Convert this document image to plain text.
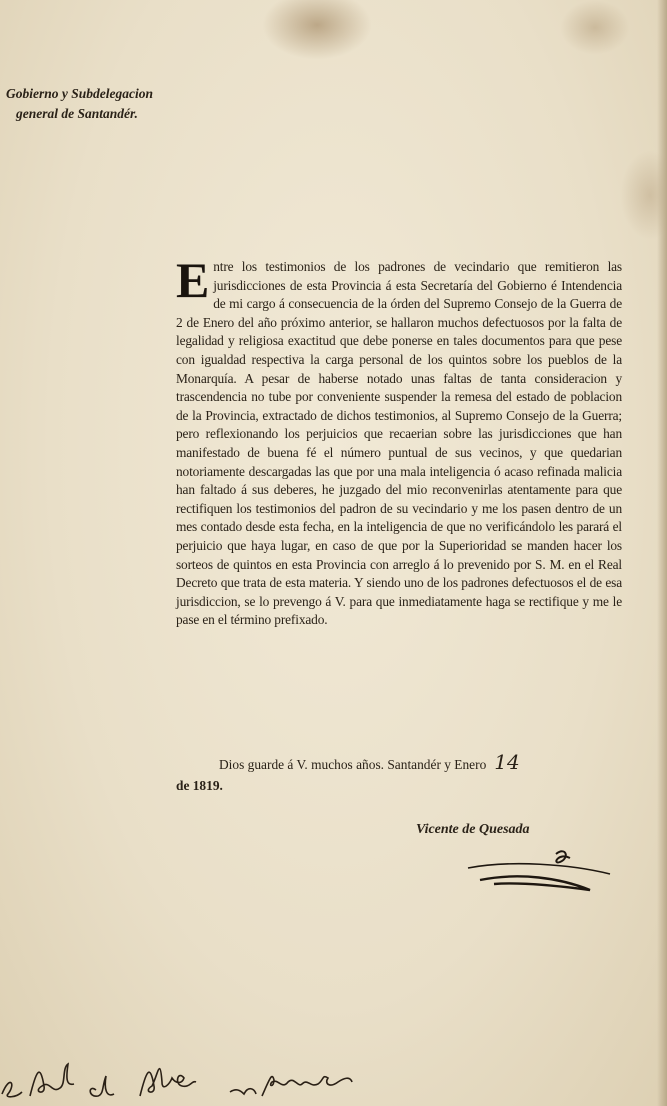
Gobierno y Subdelegacion

general de Santandér.
Entre los testimonios de los padrones de vecindario que remitieron las jurisdicciones de esta Provincia á esta Secretaría del Gobierno é Intendencia de mi cargo á consecuencia de la órden del Supremo Consejo de la Guerra de 2 de Enero del año próximo anterior, se hallaron muchos defectuosos por la falta de legalidad y religiosa exactitud que debe ponerse en tales documentos para que pese con igualdad respectiva la carga personal de los quintos sobre los pueblos de la Monarquía. A pesar de haberse notado unas faltas de tanta consideracion y trascendencia no tube por conveniente suspender la remesa del estado de poblacion de la Provincia, extractado de dichos testimonios, al Supremo Consejo de la Guerra; pero reflexionando los perjuicios que recaerian sobre las jurisdicciones que han manifestado de buena fé el número puntual de sus vecinos, y que quedarian notoriamente descargadas las que por una mala inteligencia ó acaso refinada malicia han faltado á sus deberes, he juzgado del mio reconvenirlas atentamente para que rectifiquen los testimonios del padron de su vecindario y me los pasen dentro de un mes contado desde esta fecha, en la inteligencia de que no verificándolo les parará el perjuicio que haya lugar, en caso de que por la Superioridad se manden hacer los sorteos de quintos en esta Provincia con arreglo á lo prevenido por S. M. en el Real Decreto que trata de esta materia. Y siendo uno de los padrones defectuosos el de esa jurisdiccion, se lo prevengo á V. para que inmediatamente haga se rectifique y me le pase en el término prefixado.
Dios guarde á V. muchos años. Santandér y Enero 14
de 1819.
Vicente de Quesada
